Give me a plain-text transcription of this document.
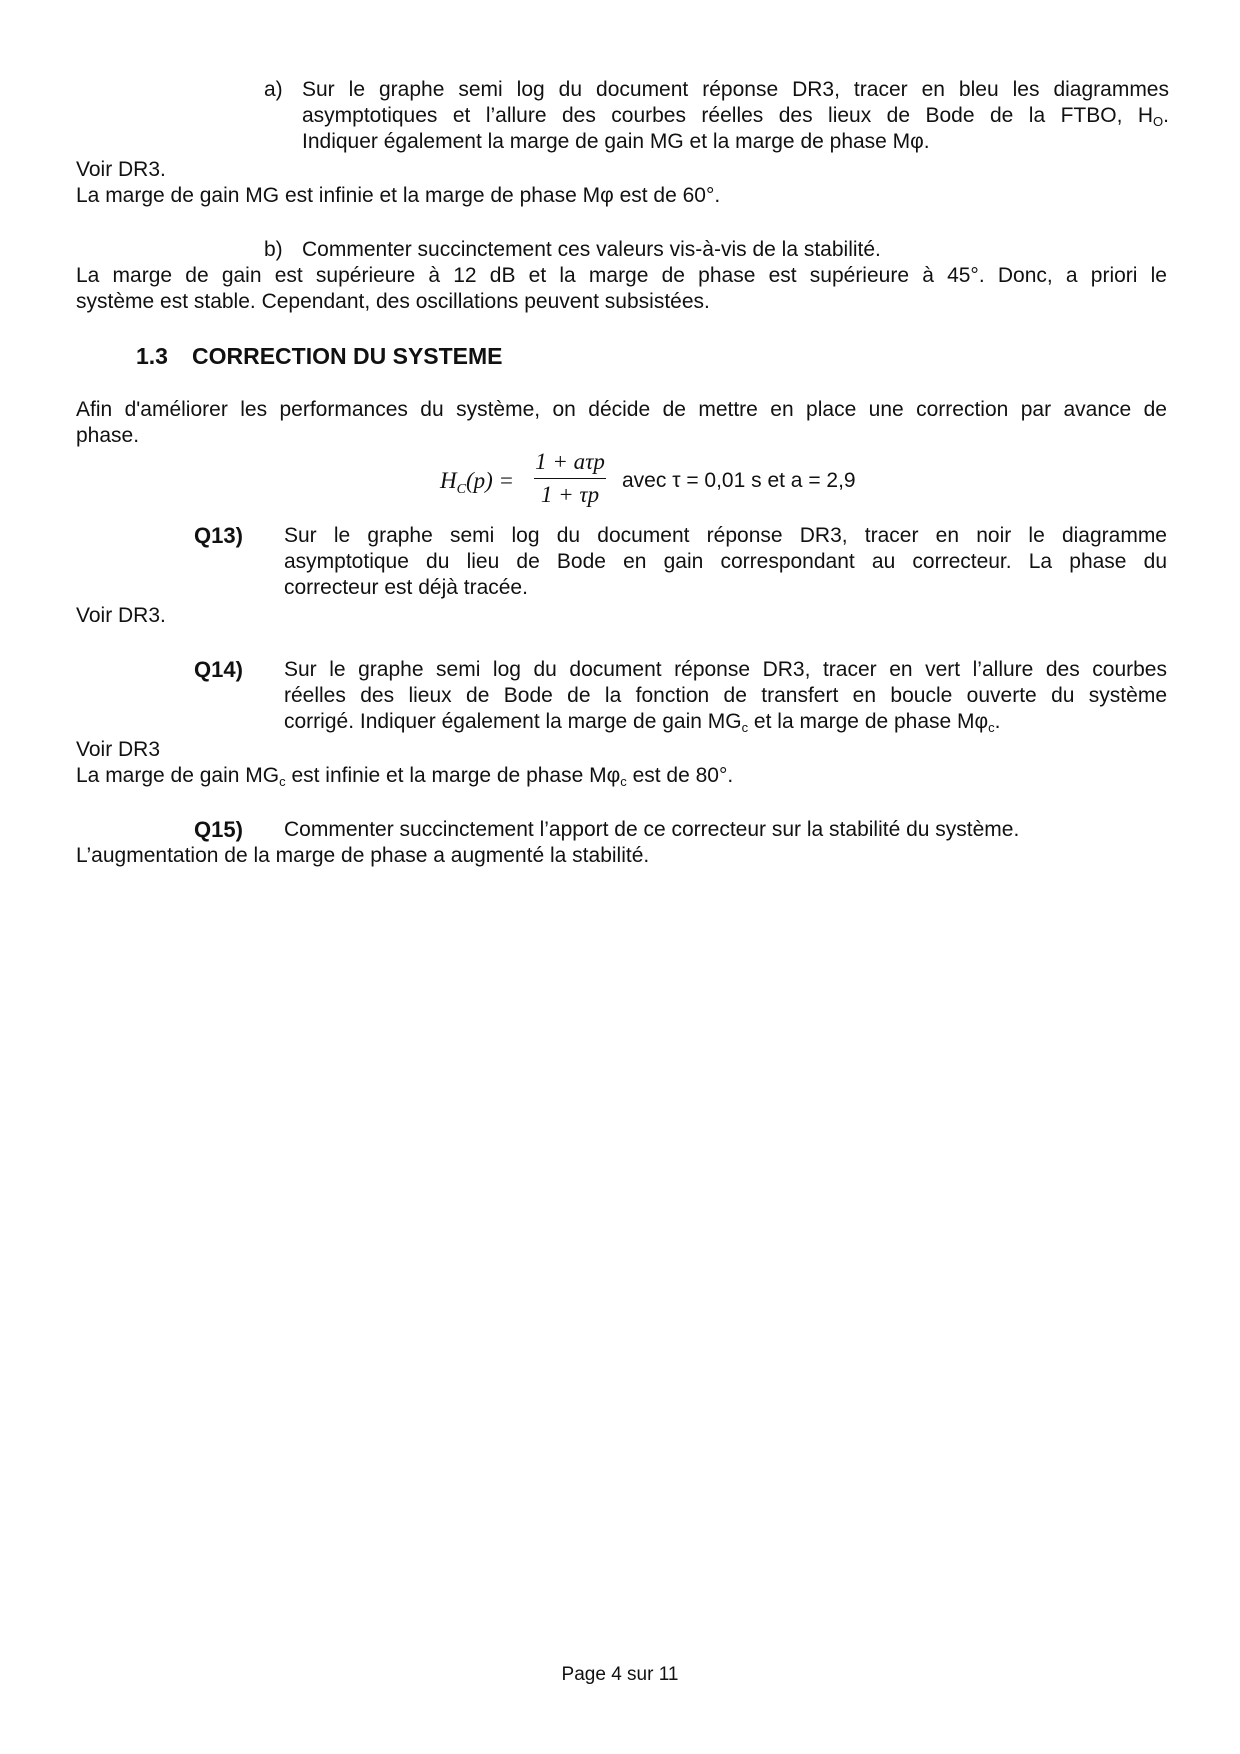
a) Sur le graphe semi log du document réponse DR3, tracer en bleu les diagrammes
asymptotiques et l’allure des courbes réelles des lieux de Bode de la FTBO, $H_O$.
Indiquer également la marge de gain MG et la marge de phase Mφ.
Voir DR3.
La marge de gain MG est infinie et la marge de phase Mφ est de 60°.
b) Commenter succinctement ces valeurs vis-à-vis de la stabilité.
La marge de gain est supérieure à 12 dB et la marge de phase est supérieure à 45°. Donc, a priori le
système est stable. Cependant, des oscillations peuvent subsistées.
1.3 CORRECTION DU SYSTEME
Afin d'améliorer les performances du système, on décide de mettre en place une correction par avance de
phase.
$H_C(p)$ =
1 + aτp
1 + τp
avec τ = 0,01 s et a = 2,9
Q13) Sur le graphe semi log du document réponse DR3, tracer en noir le diagramme
asymptotique du lieu de Bode en gain correspondant au correcteur. La phase du
correcteur est déjà tracée.
Voir DR3.
Q14) Sur le graphe semi log du document réponse DR3, tracer en vert l’allure des courbes
réelles des lieux de Bode de la fonction de transfert en boucle ouverte du système
corrigé. Indiquer également la marge de gain $MG_c$ et la marge de phase $M\varphi_c$.
Voir DR3
La marge de gain $MG_c$ est infinie et la marge de phase $M\varphi_c$ est de 80°.
Q15) Commenter succinctement l’apport de ce correcteur sur la stabilité du système.
L’augmentation de la marge de phase a augmenté la stabilité.
Page 4 sur 11
